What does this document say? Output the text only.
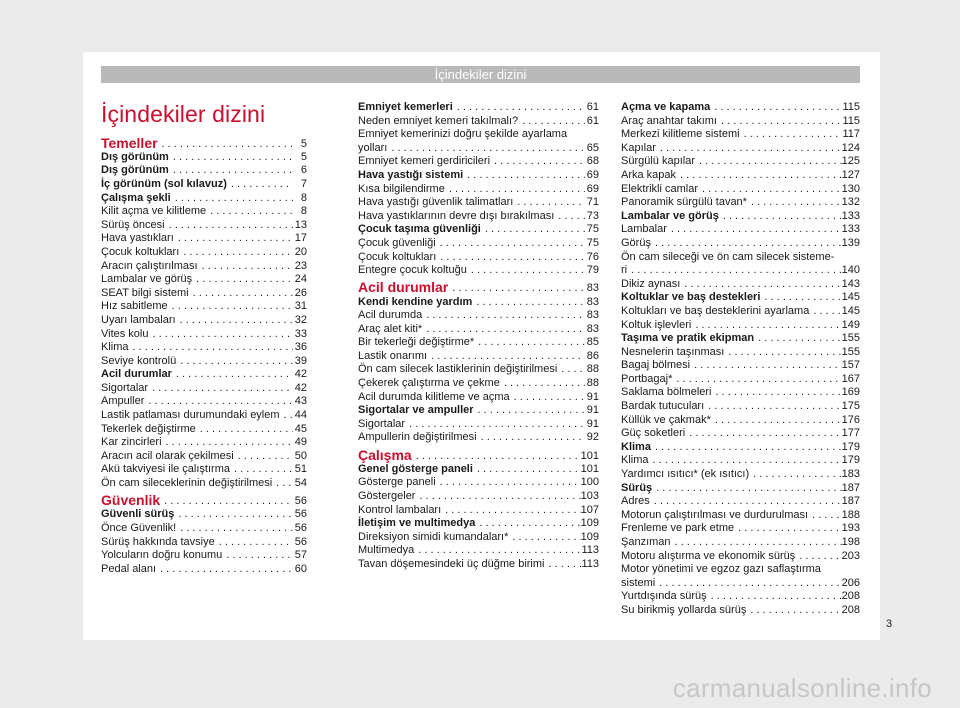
İçindekiler dizini
İçindekiler dizini
Temeller . . .	5
Dış görünüm . . .	5
Dış görünüm . . .	6
İç görünüm (sol kılavuz) . . .	7
Çalışma şekli . . .	8
Kilit açma ve kilitleme . . .	8
Sürüş öncesi . . .	13
Hava yastıkları . . .	17
Çocuk koltukları . . .	20
Aracın çalıştırılması . . .	23
Lambalar ve görüş . . .	24
SEAT bilgi sistemi . . .	26
Hız sabitleme . . .	31
Uyarı lambaları . . .	32
Vites kolu . . .	33
Klima . . .	36
Seviye kontrolü . . .	39
Acil durumlar . . .	42
Sigortalar . . .	42
Ampuller . . .	43
Lastik patlaması durumundaki eylem . . . 44
Tekerlek değiştirme . . .	45
Kar zincirleri . . .	49
Aracın acil olarak çekilmesi . . .	50
Akü takviyesi ile çalıştırma . . .	51
Ön cam sileceklerinin değiştirilmesi . . . 54
Güvenlik . . .	56
Güvenli sürüş . . .	56
Önce Güvenlik! . . .	56
Sürüş hakkında tavsiye . . .	56
Yolcuların doğru konumu . . .	57
Pedal alanı . . .	60
Emniyet kemerleri . . .	61
Neden emniyet kemeri takılmalı? . . .	61
Emniyet kemerinizi doğru şekilde ayarlama
yolları . . .	65
Emniyet kemeri gerdiricileri . . .	68
Hava yastığı sistemi . . .	69
Kısa bilgilendirme . . .	69
Hava yastığı güvenlik talimatları . . .	71
Hava yastıklarının devre dışı bırakılması . . .	73
Çocuk taşıma güvenliği . . .	75
Çocuk güvenliği . . .	75
Çocuk koltukları . . .	76
Entegre çocuk koltuğu . . .	79
Acil durumlar . . .	83
Kendi kendine yardım . . .	83
Acil durumda . . .	83
Araç alet kiti* . . .	83
Bir tekerleği değiştirme* . . .	85
Lastik onarımı . . .	86
Ön cam silecek lastiklerinin değiştirilmesi . . .	88
Çekerek çalıştırma ve çekme . . .	88
Acil durumda kilitleme ve açma . . .	91
Sigortalar ve ampuller . . .	91
Sigortalar . . .	91
Ampullerin değiştirilmesi . . .	92
Çalışma . . .	101
Genel gösterge paneli . . .	101
Gösterge paneli . . .	100
Göstergeler . . .	103
Kontrol lambaları . . .	107
İletişim ve multimedya . . .	109
Direksiyon simidi kumandaları* . . .	109
Multimedya . . .	113
Tavan döşemesindeki üç düğme birimi . . .	113
Açma ve kapama . . .	115
Araç anahtar takımı . . .	115
Merkezi kilitleme sistemi . . .	117
Kapılar . . .	124
Sürgülü kapılar . . .	125
Arka kapak . . .	127
Elektrikli camlar . . .	130
Panoramik sürgülü tavan* . . .	132
Lambalar ve görüş . . .	133
Lambalar . . .	133
Görüş . . .	139
Ön cam sileceği ve ön cam silecek sisteme-
ri . . .	140
Dikiz aynası . . .	143
Koltuklar ve baş destekleri . . .	145
Koltukları ve baş desteklerini ayarlama . . .	145
Koltuk işlevleri . . .	149
Taşıma ve pratik ekipman . . .	155
Nesnelerin taşınması . . .	155
Bagaj bölmesi . . .	157
Portbagaj* . . .	167
Saklama bölmeleri . . .	169
Bardak tutucuları . . .	175
Küllük ve çakmak* . . .	176
Güç soketleri . . .	177
Klima . . .	179
Klima . . .	179
Yardımcı ısıtıcı* (ek ısıtıcı) . . .	183
Sürüş . . .	187
Adres . . .	187
Motorun çalıştırılması ve durdurulması . . .	188
Frenleme ve park etme . . .	193
Şanzıman . . .	198
Motoru alıştırma ve ekonomik sürüş . . .	203
Motor yönetimi ve egzoz gazı saflaştırma
sistemi . . .	206
Yurtdışında sürüş . . .	208
Su birikmiş yollarda sürüş . . .	208
3
carmanualsonline.info
